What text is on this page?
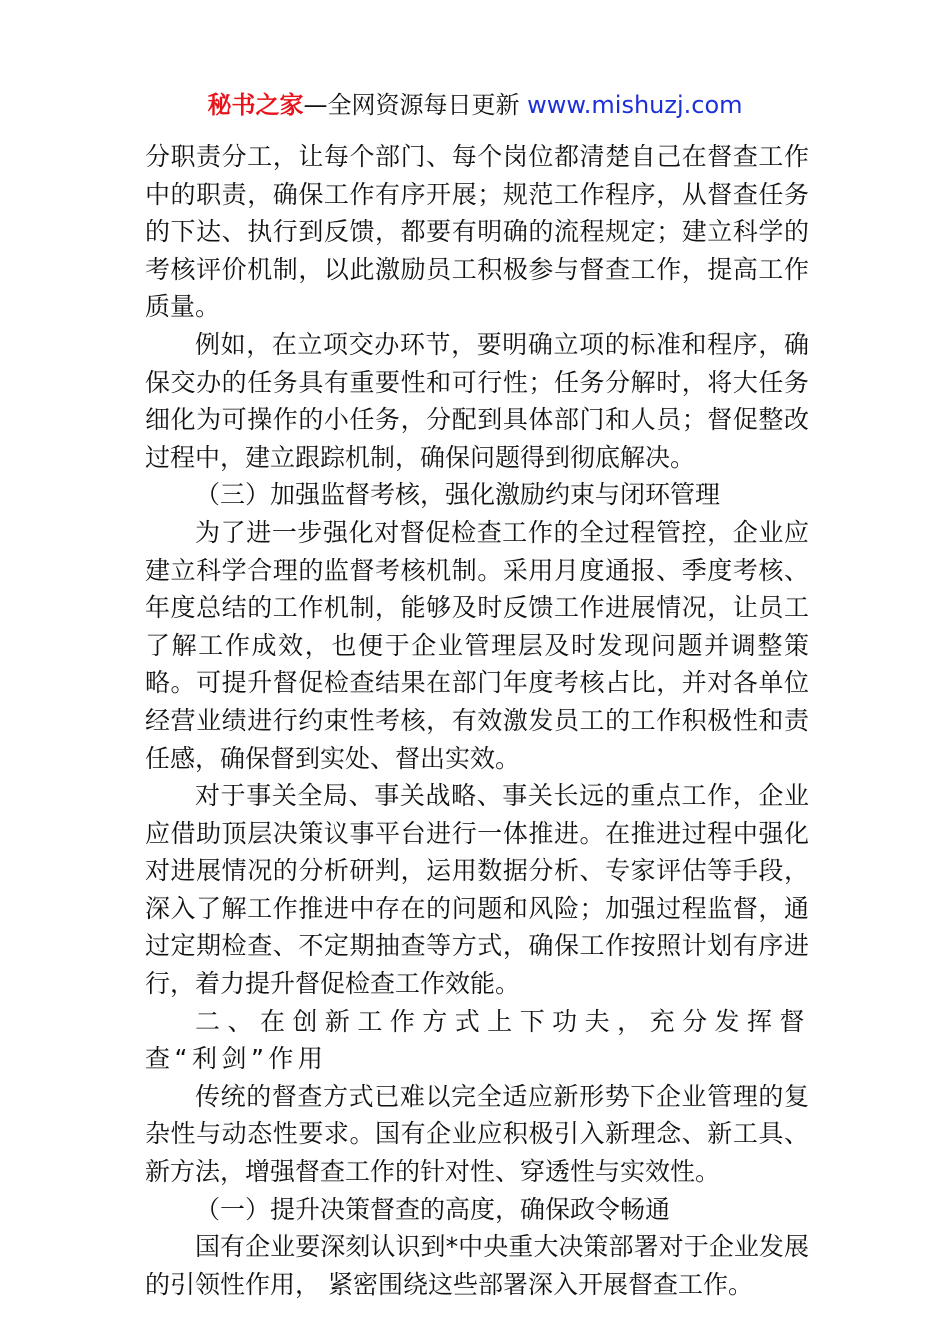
秘书之家—全网资源每日更新 www.mishuzj.com

分职责分工，让每个部门、每个岗位都清楚自己在督查工作中的职责，确保工作有序开展；规范工作程序，从督查任务的下达、执行到反馈，都要有明确的流程规定；建立科学的考核评价机制，以此激励员工积极参与督查工作，提高工作质量。

例如，在立项交办环节，要明确立项的标准和程序，确保交办的任务具有重要性和可行性；任务分解时，将大任务细化为可操作的小任务，分配到具体部门和人员；督促整改过程中，建立跟踪机制，确保问题得到彻底解决。

（三）加强监督考核，强化激励约束与闭环管理

为了进一步强化对督促检查工作的全过程管控，企业应建立科学合理的监督考核机制。采用月度通报、季度考核、年度总结的工作机制，能够及时反馈工作进展情况，让员工了解工作成效，也便于企业管理层及时发现问题并调整策略。可提升督促检查结果在部门年度考核占比，并对各单位经营业绩进行约束性考核，有效激发员工的工作积极性和责任感，确保督到实处、督出实效。

对于事关全局、事关战略、事关长远的重点工作，企业应借助顶层决策议事平台进行一体推进。在推进过程中强化对进展情况的分析研判，运用数据分析、专家评估等手段，深入了解工作推进中存在的问题和风险；加强过程监督，通过定期检查、不定期抽查等方式，确保工作按照计划有序进行，着力提升督促检查工作效能。

二、在创新工作方式上下功夫，充分发挥督查“利剑”作用

传统的督查方式已难以完全适应新形势下企业管理的复杂性与动态性要求。国有企业应积极引入新理念、新工具、新方法，增强督查工作的针对性、穿透性与实效性。

（一）提升决策督查的高度，确保政令畅通

国有企业要深刻认识到*中央重大决策部署对于企业发展的引领性作用， 紧密围绕这些部署深入开展督查工作。
